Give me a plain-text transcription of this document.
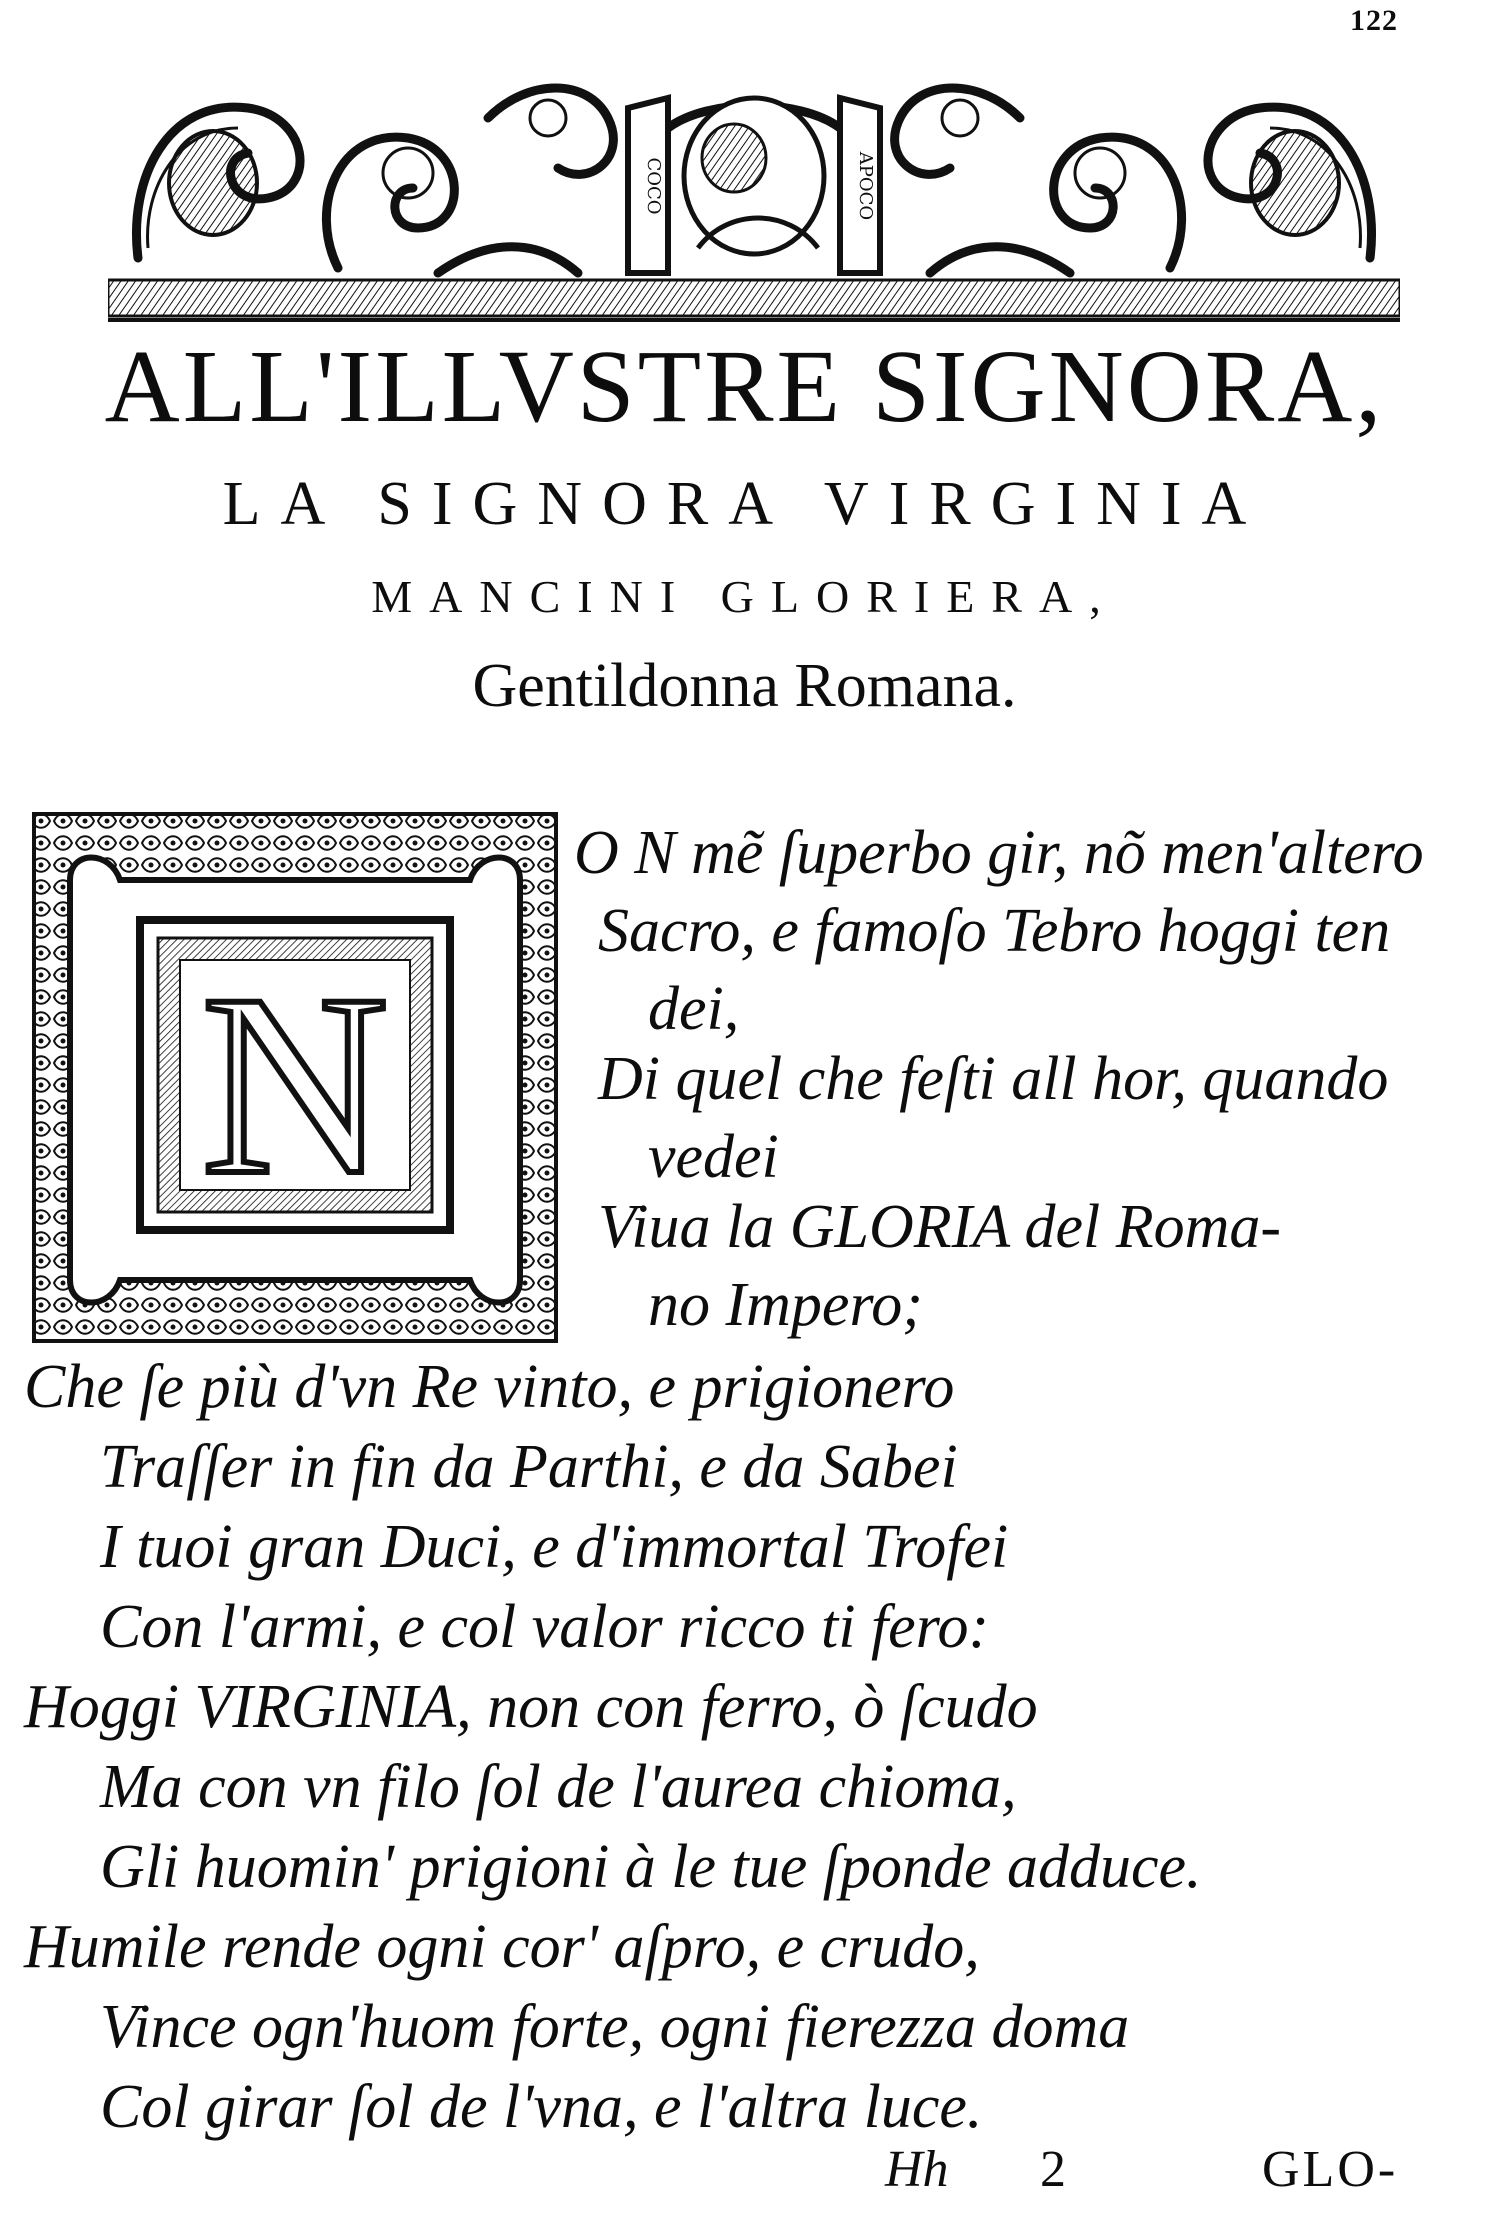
122
COCO	APOCO
ALL'ILLVSTRE SIGNORA,
LA SIGNORA VIRGINIA
MANCINI GLORIERA,
Gentildonna Romana.
N
O N mẽ ſuperbo gir, nõ men'altero
Sacro, e famoſo Tebro hoggi ten
dei,
Di quel che feſti all hor, quando
vedei
Viua la GLORIA del Roma-
no Impero;
Che ſe più d'vn Re vinto, e prigionero
Traſſer in fin da Parthi, e da Sabei
I tuoi gran Duci, e d'immortal Trofei
Con l'armi, e col valor ricco ti fero:
Hoggi VIRGINIA, non con ferro, ò ſcudo
Ma con vn filo ſol de l'aurea chioma,
Gli huomin' prigioni à le tue ſponde adduce.
Humile rende ogni cor' aſpro, e crudo,
Vince ogn'huom forte, ogni fierezza doma
Col girar ſol de l'vna, e l'altra luce.
Hh 2	GLO-
